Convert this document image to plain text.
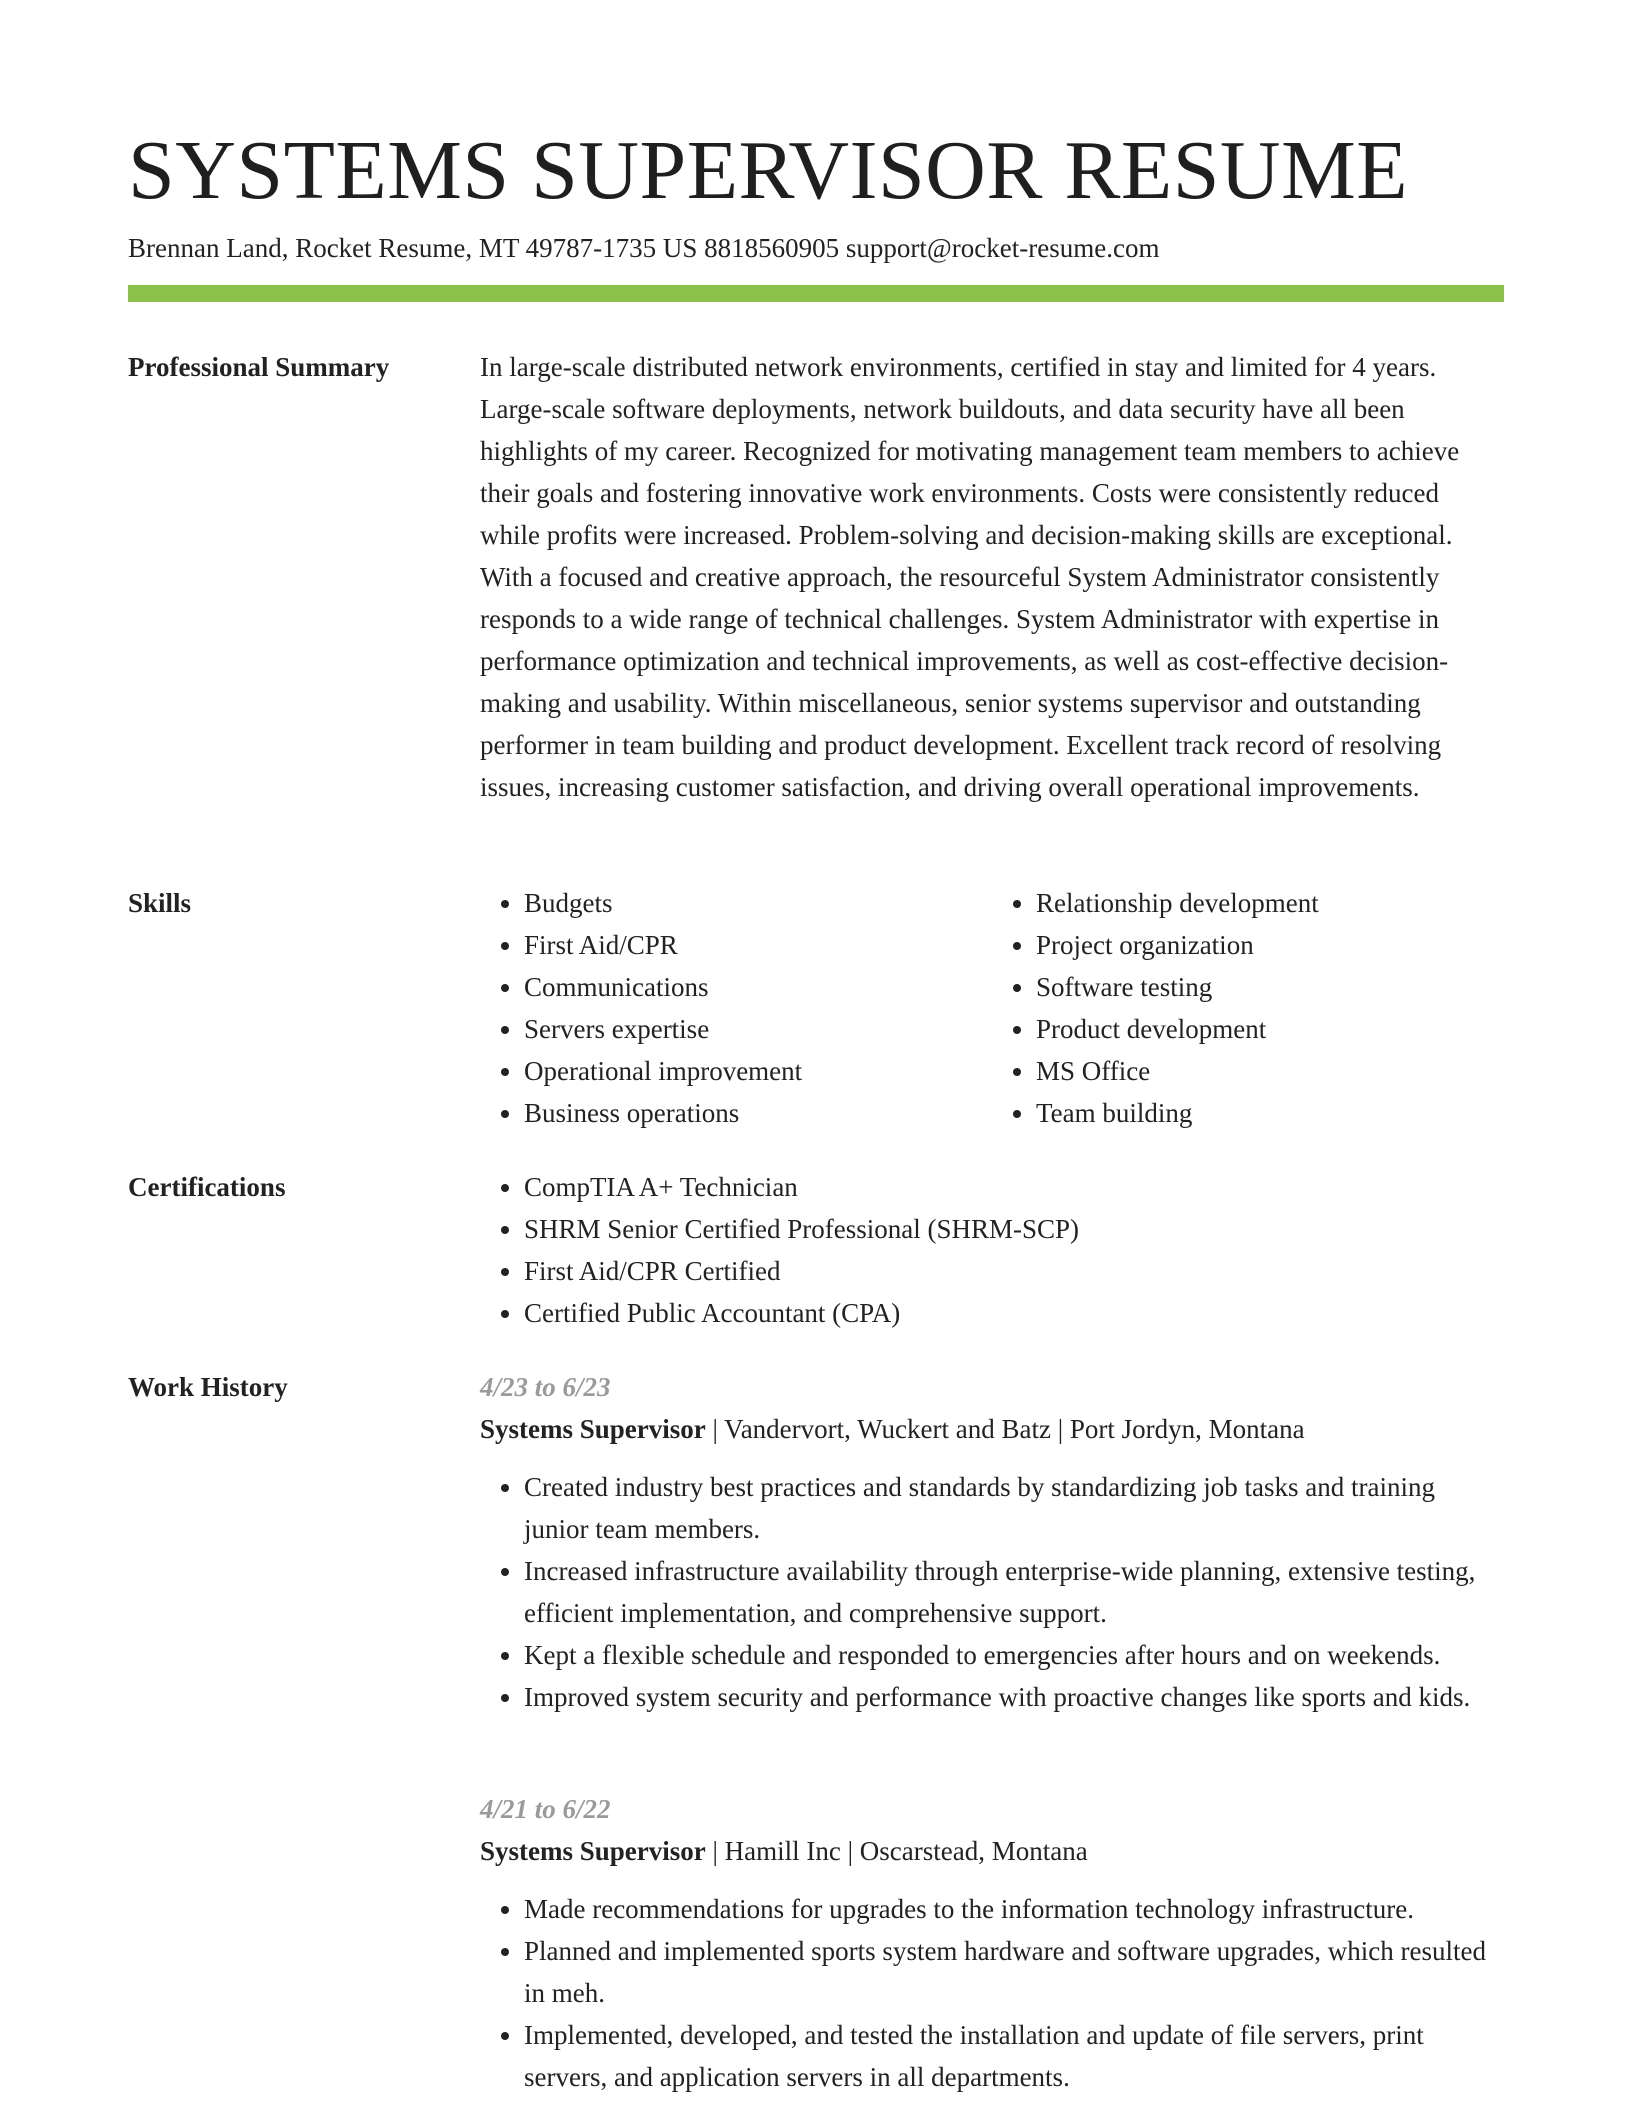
SYSTEMS SUPERVISOR RESUME
Brennan Land, Rocket Resume, MT 49787-1735 US 8818560905 support@rocket-resume.com
Professional Summary	In large-scale distributed network environments, certified in stay and limited for 4 years. Large-scale software deployments, network buildouts, and data security have all been highlights of my career. Recognized for motivating management team members to achieve their goals and fostering innovative work environments. Costs were consistently reduced while profits were increased. Problem-solving and decision-making skills are exceptional. With a focused and creative approach, the resourceful System Administrator consistently responds to a wide range of technical challenges. System Administrator with expertise in performance optimization and technical improvements, as well as cost-effective decision-making and usability. Within miscellaneous, senior systems supervisor and outstanding performer in team building and product development. Excellent track record of resolving issues, increasing customer satisfaction, and driving overall operational improvements.

Skills	• Budgets
• First Aid/CPR
• Communications
• Servers expertise
• Operational improvement
• Business operations
• Relationship development
• Project organization
• Software testing
• Product development
• MS Office
• Team building
Certifications	• CompTIA A+ Technician
• SHRM Senior Certified Professional (SHRM-SCP)
• First Aid/CPR Certified
• Certified Public Accountant (CPA)
Work History	4/23 to 6/23
Systems Supervisor | Vandervort, Wuckert and Batz | Port Jordyn, Montana
• Created industry best practices and standards by standardizing job tasks and training junior team members.
• Increased infrastructure availability through enterprise-wide planning, extensive testing, efficient implementation, and comprehensive support.
• Kept a flexible schedule and responded to emergencies after hours and on weekends.
• Improved system security and performance with proactive changes like sports and kids.
4/21 to 6/22
Systems Supervisor | Hamill Inc | Oscarstead, Montana
• Made recommendations for upgrades to the information technology infrastructure.
• Planned and implemented sports system hardware and software upgrades, which resulted in meh.
• Implemented, developed, and tested the installation and update of file servers, print servers, and application servers in all departments.
